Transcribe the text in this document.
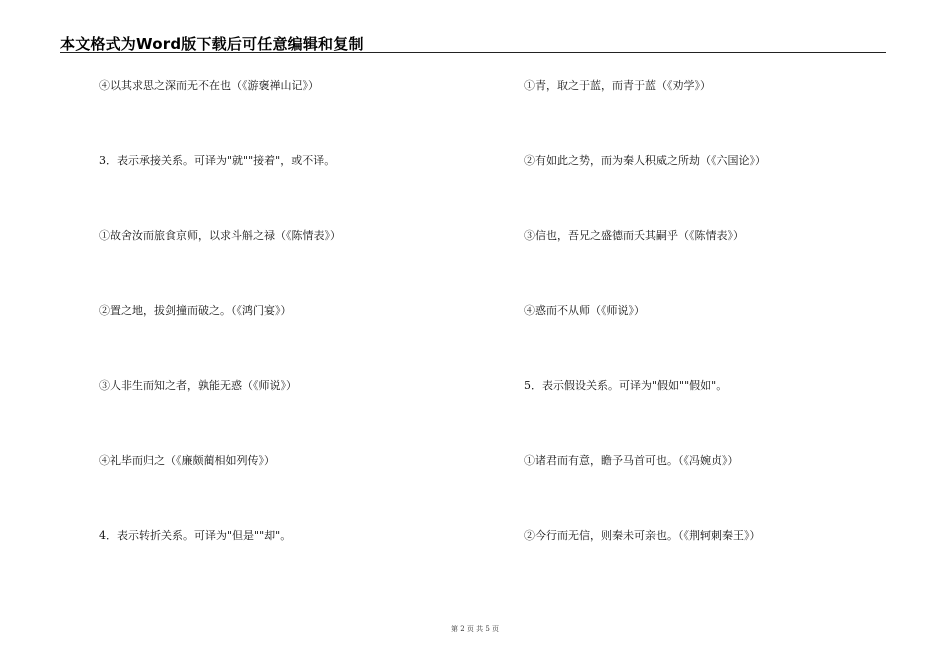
本文格式为Word版下载后可任意编辑和复制
④以其求思之深而无不在也（《游褒禅山记》）
3．表示承接关系。可译为"就""接着"，或不译。
①故舍汝而旅食京师，以求斗斛之禄（《陈情表》）
②置之地，拔剑撞而破之。（《鸿门宴》）
③人非生而知之者，孰能无惑（《师说》）
④礼毕而归之（《廉颇蔺相如列传》）
4．表示转折关系。可译为"但是""却"。
①青，取之于蓝，而青于蓝（《劝学》）
②有如此之势，而为秦人积威之所劫（《六国论》）
③信也，吾兄之盛德而夭其嗣乎（《陈情表》）
④惑而不从师（《师说》）
5．表示假设关系。可译为"假如""假如"。
①诸君而有意，瞻予马首可也。（《冯婉贞》）
②今行而无信，则秦未可亲也。（《荆轲刺秦王》）
第 2 页 共 5 页
